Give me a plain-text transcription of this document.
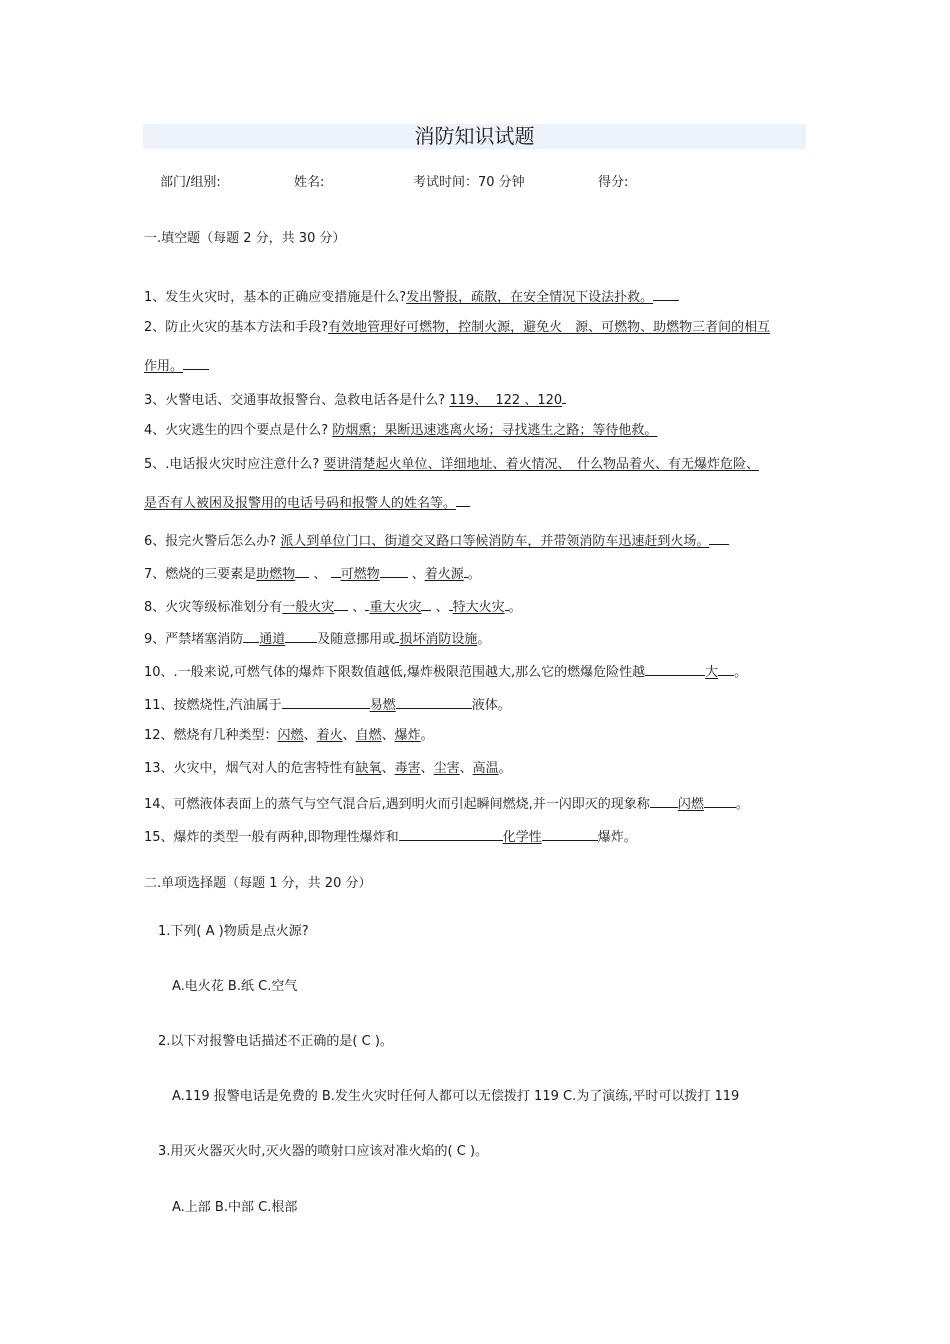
消防知识试题
部门/组别:	姓名:	考试时间：70 分钟	得分:
一.填空题（每题 2 分，共 30 分）
1、发生火灾时，基本的正确应变措施是什么?发出警报，疏散，在安全情况下设法扑救。
2、防止火灾的基本方法和手段?有效地管理好可燃物，控制火源，避免火　源、可燃物、助燃物三者间的相互
作用。
3、火警电话、交通事故报警台、急救电话各是什么? 119、  122 、120
4、火灾逃生的四个要点是什么? 防烟熏；果断迅速逃离火场；寻找逃生之路；等待他救。
5、.电话报火灾时应注意什么? 要讲清楚起火单位、详细地址、着火情况、　什么物品着火、有无爆炸危险、
是否有人被困及报警用的电话号码和报警人的姓名等。
6、报完火警后怎么办? 派人到单位门口、街道交叉路口等候消防车，并带领消防车迅速赶到火场。
7、燃烧的三要素是助燃物 、 可燃物 、着火源 。
8、火灾等级标准划分有一般火灾 、 重大火灾 、 特大火灾 。
9、严禁堵塞消防 通道 及随意挪用或 损坏消防设施。
10、.一般来说,可燃气体的爆炸下限数值越低,爆炸极限范围越大,那么它的燃爆危险性越	大 。
11、按燃烧性,汽油属于	易燃	液体。
12、燃烧有几种类型：闪燃、着火、自燃、爆炸。
13、火灾中，烟气对人的危害特性有缺氧、毒害、尘害、高温。
14、可燃液体表面上的蒸气与空气混合后,遇到明火而引起瞬间燃烧,并一闪即灭的现象称 闪燃 。
15、爆炸的类型一般有两种,即物理性爆炸和	化学性	爆炸。
二.单项选择题（每题 1 分，共 20 分）
1.下列( A )物质是点火源?
A.电火花 B.纸 C.空气
2.以下对报警电话描述不正确的是( C )。
A.119 报警电话是免费的 B.发生火灾时任何人都可以无偿拨打 119 C.为了演练,平时可以拨打 119
3.用灭火器灭火时,灭火器的喷射口应该对准火焰的( C )。
A.上部 B.中部 C.根部
